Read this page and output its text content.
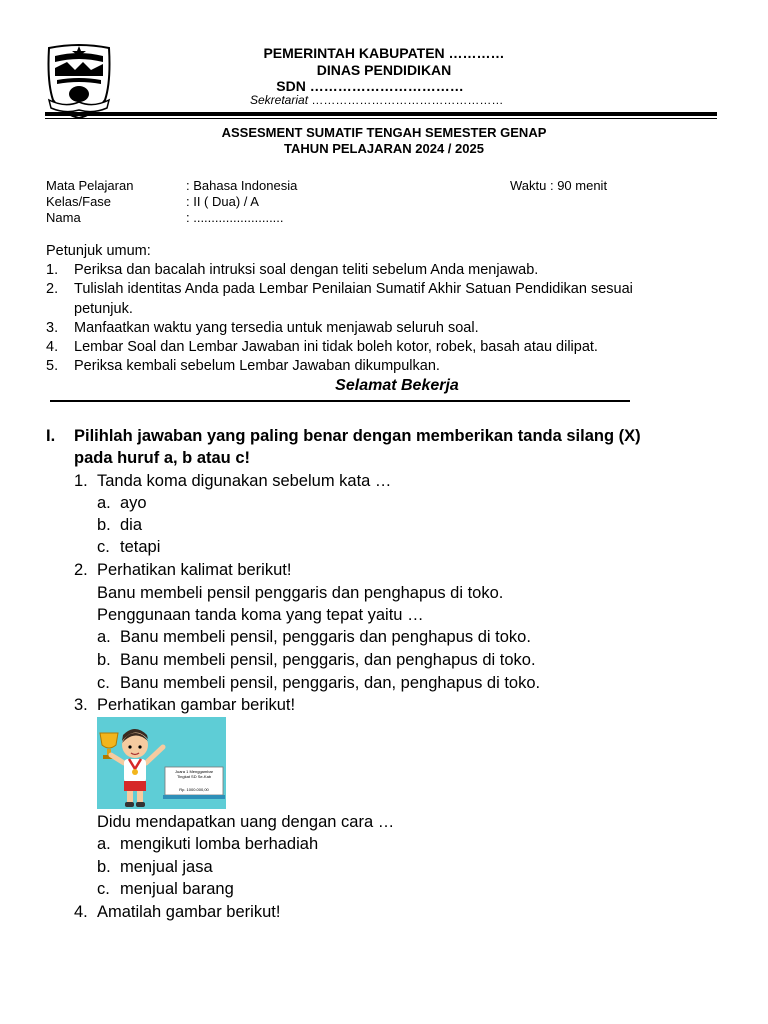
PEMERINTAH KABUPATEN …………
DINAS PENDIDIKAN
SDN ……………………………
Sekretariat …………………………………………
ASSESMENT SUMATIF TENGAH SEMESTER GENAP
TAHUN PELAJARAN 2024 / 2025
Mata Pelajaran	: Bahasa Indonesia	Waktu : 90 menit
Kelas/Fase	: II ( Dua) / A
Nama	: .........................
Petunjuk umum:
1. Periksa dan bacalah intruksi soal dengan teliti sebelum Anda menjawab.
2. Tulislah identitas Anda pada Lembar Penilaian Sumatif Akhir Satuan Pendidikan sesuai
petunjuk.
3. Manfaatkan waktu yang tersedia untuk menjawab seluruh soal.
4. Lembar Soal dan Lembar Jawaban ini tidak boleh kotor, robek, basah atau dilipat.
5. Periksa kembali sebelum Lembar Jawaban dikumpulkan.
Selamat Bekerja
I. Pilihlah jawaban yang paling benar dengan memberikan tanda silang (X)
pada huruf a, b atau c!
1. Tanda koma digunakan sebelum kata …
a. ayo
b. dia
c. tetapi
2. Perhatikan kalimat berikut!
Banu membeli pensil penggaris dan penghapus di toko.
Penggunaan tanda koma yang tepat yaitu …
a. Banu membeli pensil, penggaris dan penghapus di toko.
b. Banu membeli pensil, penggaris, dan penghapus di toko.
c. Banu membeli pensil, penggaris, dan, penghapus di toko.
3. Perhatikan gambar berikut!
Juara 1 Menggambar
Tingkat SD Se-Kab
Rp. 1000.000,00
Didu mendapatkan uang dengan cara …
a. mengikuti lomba berhadiah
b. menjual jasa
c. menjual barang
4. Amatilah gambar berikut!
